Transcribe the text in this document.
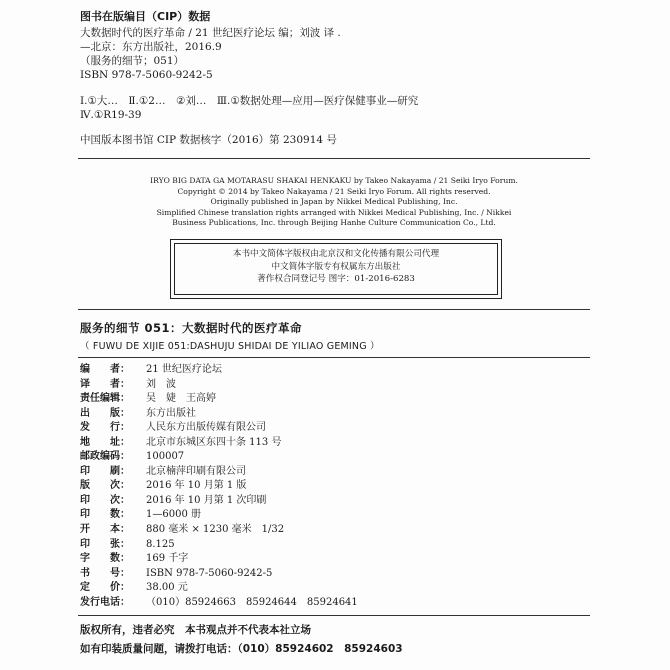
图书在版编目（CIP）数据
大数据时代的医疗革命 / 21 世纪医疗论坛 编；刘波 译 .
—北京：东方出版社，2016.9
（服务的细节；051）
ISBN 978-7-5060-9242-5
Ⅰ.①大…　Ⅱ.①2…　②刘…　Ⅲ.①数据处理—应用—医疗保健事业—研究
Ⅳ.①R19-39
中国版本图书馆 CIP 数据核字（2016）第 230914 号
IRYO BIG DATA GA MOTARASU SHAKAI HENKAKU by Takeo Nakayama / 21 Seiki Iryo Forum.
Copyright © 2014 by Takeo Nakayama / 21 Seiki Iryo Forum. All rights reserved.
Originally published in Japan by Nikkei Medical Publishing, Inc.
Simplified Chinese translation rights arranged with Nikkei Medical Publishing, Inc. / Nikkei
Business Publications, Inc. through Beijing Hanhe Culture Communication Co., Ltd.
本书中文简体字版权由北京汉和文化传播有限公司代理
中文简体字版专有权属东方出版社
著作权合同登记号 图字：01-2016-6283
服务的细节 051：大数据时代的医疗革命
（ FUWU DE XIJIE 051:DASHUJU SHIDAI DE YILIAO GEMING ）
编　　者：	21 世纪医疗论坛
译　　者：	刘　波
责任编辑：	吴　婕　王高婷
出　　版：	东方出版社
发　　行：	人民东方出版传媒有限公司
地　　址：	北京市东城区东四十条 113 号
邮政编码：	100007
印　　刷：	北京楠萍印刷有限公司
版　　次：	2016 年 10 月第 1 版
印　　次：	2016 年 10 月第 1 次印刷
印　　数：	1—6000 册
开　　本：	880 毫米 × 1230 毫米　1/32
印　　张：	8.125
字　　数：	169 千字
书　　号：	ISBN 978-7-5060-9242-5
定　　价：	38.00 元
发行电话：	（010）85924663　85924644　85924641
版权所有，违者必究　本书观点并不代表本社立场
如有印装质量问题，请拨打电话：（010）85924602　85924603
